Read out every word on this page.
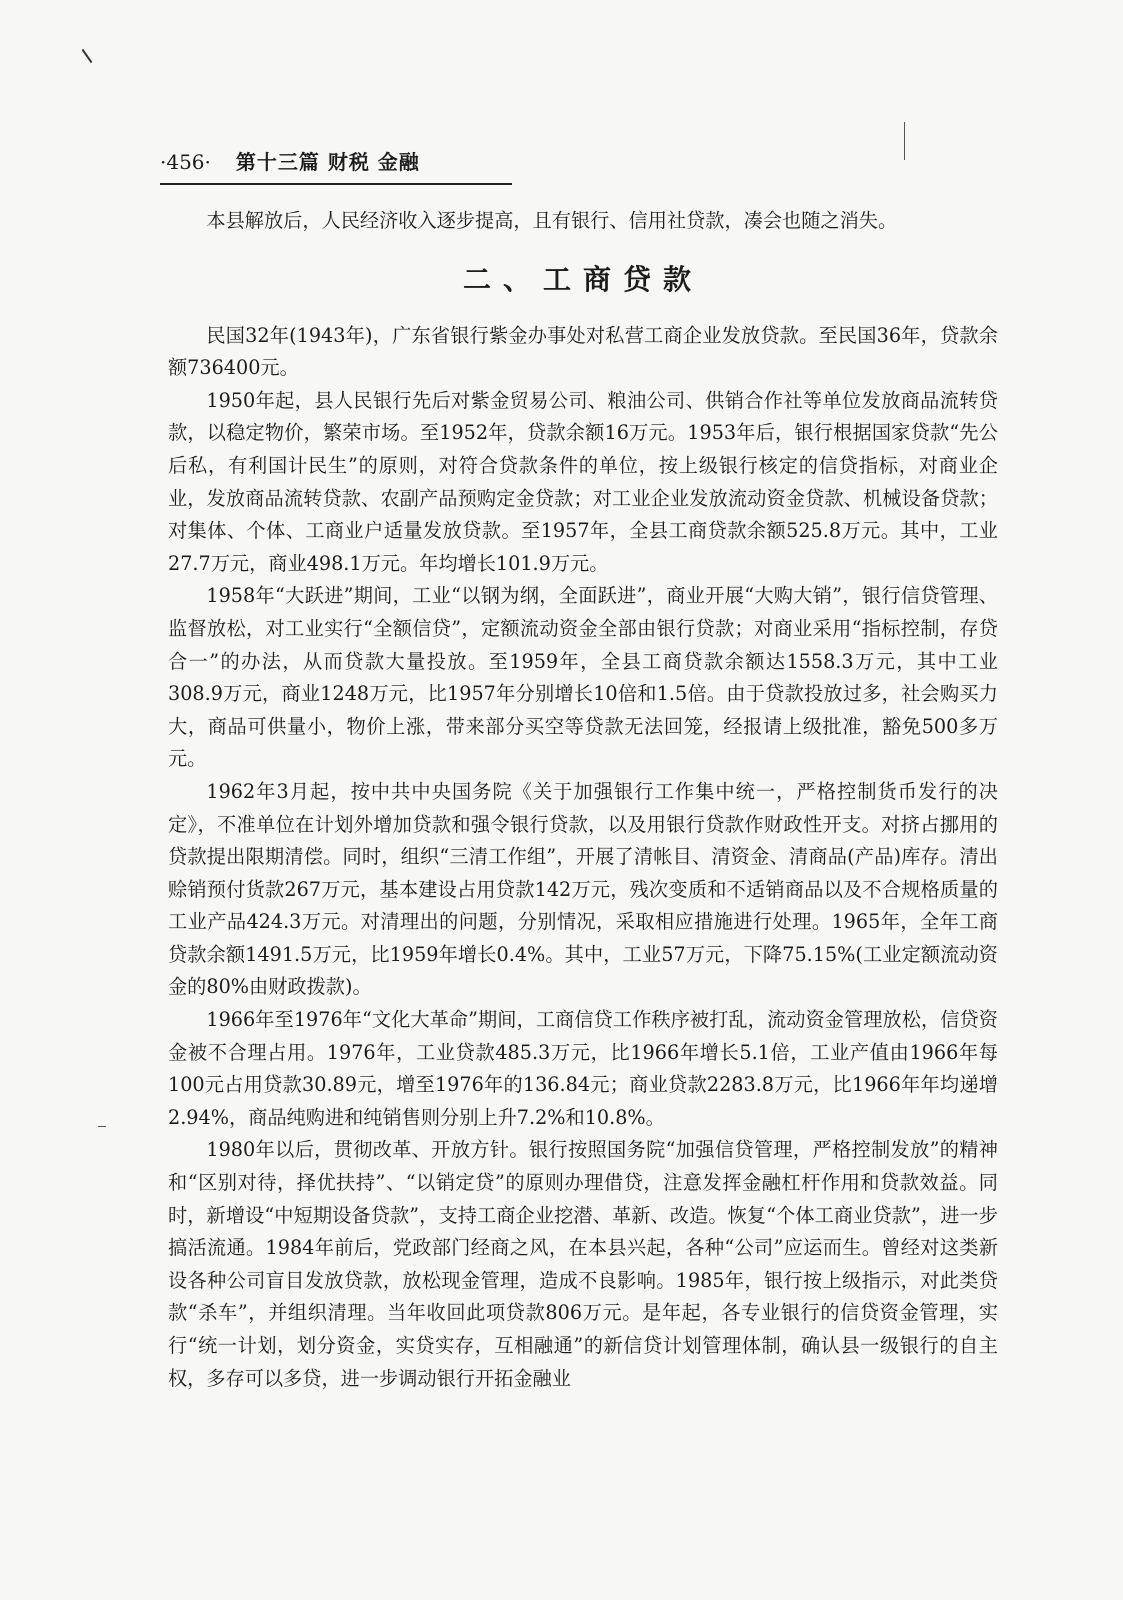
·456· 第十三篇 财税 金融

本县解放后，人民经济收入逐步提高，且有银行、信用社贷款，凑会也随之消失。

二、工商贷款

民国32年(1943年)，广东省银行紫金办事处对私营工商企业发放贷款。至民国36年，贷款余额736400元。

1950年起，县人民银行先后对紫金贸易公司、粮油公司、供销合作社等单位发放商品流转贷款，以稳定物价，繁荣市场。至1952年，贷款余额16万元。1953年后，银行根据国家贷款“先公后私，有利国计民生”的原则，对符合贷款条件的单位，按上级银行核定的信贷指标，对商业企业，发放商品流转贷款、农副产品预购定金贷款；对工业企业发放流动资金贷款、机械设备贷款；对集体、个体、工商业户适量发放贷款。至1957年，全县工商贷款余额525.8万元。其中，工业27.7万元，商业498.1万元。年均增长101.9万元。

1958年“大跃进”期间，工业“以钢为纲，全面跃进”，商业开展“大购大销”，银行信贷管理、监督放松，对工业实行“全额信贷”，定额流动资金全部由银行贷款；对商业采用“指标控制，存贷合一”的办法，从而贷款大量投放。至1959年，全县工商贷款余额达1558.3万元，其中工业308.9万元，商业1248万元，比1957年分别增长10倍和1.5倍。由于贷款投放过多，社会购买力大，商品可供量小，物价上涨，带来部分买空等贷款无法回笼，经报请上级批准，豁免500多万元。

1962年3月起，按中共中央国务院《关于加强银行工作集中统一，严格控制货币发行的决定》，不准单位在计划外增加贷款和强令银行贷款，以及用银行贷款作财政性开支。对挤占挪用的贷款提出限期清偿。同时，组织“三清工作组”，开展了清帐目、清资金、清商品(产品)库存。清出赊销预付货款267万元，基本建设占用贷款142万元，残次变质和不适销商品以及不合规格质量的工业产品424.3万元。对清理出的问题，分别情况，采取相应措施进行处理。1965年，全年工商贷款余额1491.5万元，比1959年增长0.4%。其中，工业57万元，下降75.15%(工业定额流动资金的80%由财政拨款)。

1966年至1976年“文化大革命”期间，工商信贷工作秩序被打乱，流动资金管理放松，信贷资金被不合理占用。1976年，工业贷款485.3万元，比1966年增长5.1倍，工业产值由1966年每100元占用贷款30.89元，增至1976年的136.84元；商业贷款2283.8万元，比1966年年均递增2.94%，商品纯购进和纯销售则分别上升7.2%和10.8%。

1980年以后，贯彻改革、开放方针。银行按照国务院“加强信贷管理，严格控制发放”的精神和“区别对待，择优扶持”、“以销定贷”的原则办理借贷，注意发挥金融杠杆作用和贷款效益。同时，新增设“中短期设备贷款”，支持工商企业挖潜、革新、改造。恢复“个体工商业贷款”，进一步搞活流通。1984年前后，党政部门经商之风，在本县兴起，各种“公司”应运而生。曾经对这类新设各种公司盲目发放贷款，放松现金管理，造成不良影响。1985年，银行按上级指示，对此类贷款“杀车”，并组织清理。当年收回此项贷款806万元。是年起，各专业银行的信贷资金管理，实行“统一计划，划分资金，实贷实存，互相融通”的新信贷计划管理体制，确认县一级银行的自主权，多存可以多贷，进一步调动银行开拓金融业
